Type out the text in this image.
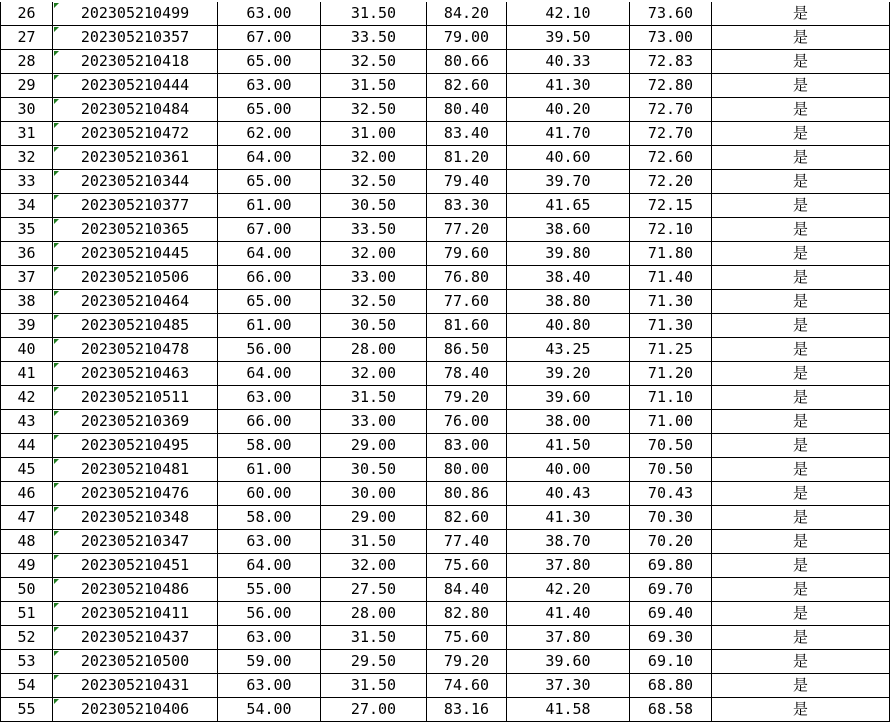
26	202305210499	63.00	31.50	84.20	42.10	73.60	是
27	202305210357	67.00	33.50	79.00	39.50	73.00	是
28	202305210418	65.00	32.50	80.66	40.33	72.83	是
29	202305210444	63.00	31.50	82.60	41.30	72.80	是
30	202305210484	65.00	32.50	80.40	40.20	72.70	是
31	202305210472	62.00	31.00	83.40	41.70	72.70	是
32	202305210361	64.00	32.00	81.20	40.60	72.60	是
33	202305210344	65.00	32.50	79.40	39.70	72.20	是
34	202305210377	61.00	30.50	83.30	41.65	72.15	是
35	202305210365	67.00	33.50	77.20	38.60	72.10	是
36	202305210445	64.00	32.00	79.60	39.80	71.80	是
37	202305210506	66.00	33.00	76.80	38.40	71.40	是
38	202305210464	65.00	32.50	77.60	38.80	71.30	是
39	202305210485	61.00	30.50	81.60	40.80	71.30	是
40	202305210478	56.00	28.00	86.50	43.25	71.25	是
41	202305210463	64.00	32.00	78.40	39.20	71.20	是
42	202305210511	63.00	31.50	79.20	39.60	71.10	是
43	202305210369	66.00	33.00	76.00	38.00	71.00	是
44	202305210495	58.00	29.00	83.00	41.50	70.50	是
45	202305210481	61.00	30.50	80.00	40.00	70.50	是
46	202305210476	60.00	30.00	80.86	40.43	70.43	是
47	202305210348	58.00	29.00	82.60	41.30	70.30	是
48	202305210347	63.00	31.50	77.40	38.70	70.20	是
49	202305210451	64.00	32.00	75.60	37.80	69.80	是
50	202305210486	55.00	27.50	84.40	42.20	69.70	是
51	202305210411	56.00	28.00	82.80	41.40	69.40	是
52	202305210437	63.00	31.50	75.60	37.80	69.30	是
53	202305210500	59.00	29.50	79.20	39.60	69.10	是
54	202305210431	63.00	31.50	74.60	37.30	68.80	是
55	202305210406	54.00	27.00	83.16	41.58	68.58	是
